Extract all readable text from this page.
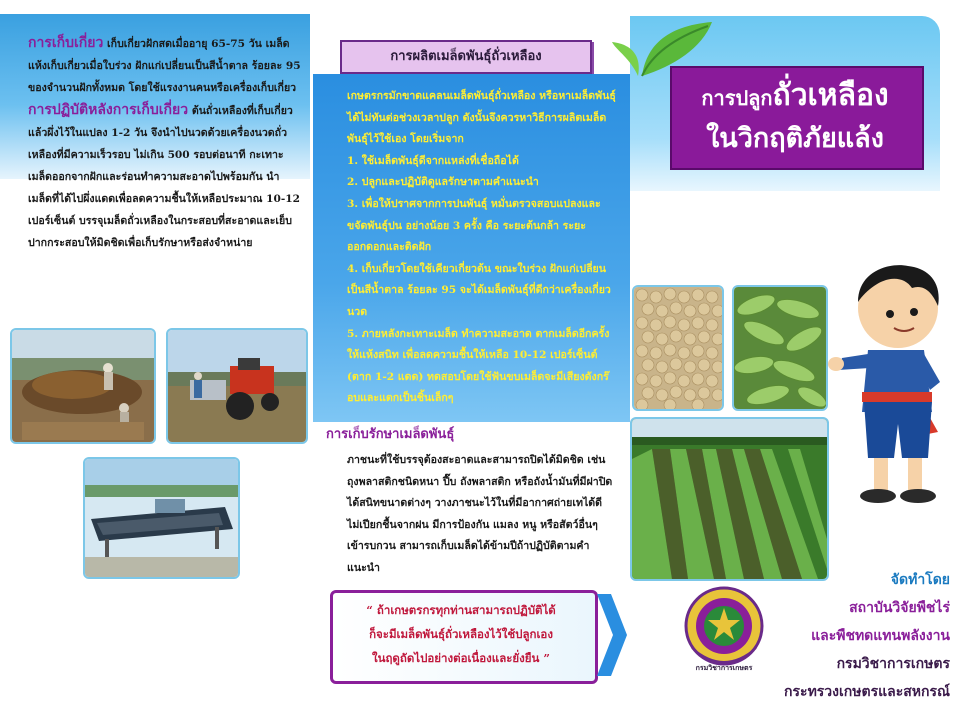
การเก็บเกี่ยว เก็บเกี่ยวฝักสดเมื่ออายุ 65-75 วัน เมล็ดแห้งเก็บเกี่ยวเมื่อใบร่วง ฝักแก่เปลี่ยนเป็นสีน้ำตาล ร้อยละ 95 ของจำนวนฝักทั้งหมด โดยใช้แรงงานคนหรือเครื่องเก็บเกี่ยว

การปฏิบัติหลังการเก็บเกี่ยว ต้นถั่วเหลืองที่เก็บเกี่ยวแล้วผึ่งไว้ในแปลง 1-2 วัน จึงนำไปนวดด้วยเครื่องนวดถั่วเหลืองที่มีความเร็วรอบ ไม่เกิน 500 รอบต่อนาที กะเทาะเมล็ดออกจากฝักและร่อนทำความสะอาดไปพร้อมกัน นำเมล็ดที่ได้ไปผึ่งแดดเพื่อลดความชื้นให้เหลือประมาณ 10-12 เปอร์เซ็นต์ บรรจุเมล็ดถั่วเหลืองในกระสอบที่สะอาดและเย็บปากกระสอบให้มิดชิดเพื่อเก็บรักษาหรือส่งจำหน่าย

การผลิตเมล็ดพันธุ์ถั่วเหลือง

เกษตรกรมักขาดแคลนเมล็ดพันธุ์ถั่วเหลือง หรือหาเมล็ดพันธุ์ได้ไม่ทันต่อช่วงเวลาปลูก ดังนั้นจึงควรหาวิธีการผลิตเมล็ดพันธุ์ไว้ใช้เอง โดยเริ่มจาก

1. ใช้เมล็ดพันธุ์ดีจากแหล่งที่เชื่อถือได้

2. ปลูกและปฏิบัติดูแลรักษาตามคำแนะนำ

3. เพื่อให้ปราศจากการปนพันธุ์ หมั่นตรวจสอบแปลงและขจัดพันธุ์ปน อย่างน้อย 3 ครั้ง คือ ระยะต้นกล้า ระยะออกดอกและติดฝัก

4. เก็บเกี่ยวโดยใช้เคียวเกี่ยวต้น ขณะใบร่วง ฝักแก่เปลี่ยนเป็นสีน้ำตาล ร้อยละ 95 จะได้เมล็ดพันธุ์ที่ดีกว่าเครื่องเกี่ยวนวด

5. ภายหลังกะเทาะเมล็ด ทำความสะอาด ตากเมล็ดอีกครั้งให้แห้งสนิท เพื่อลดความชื้นให้เหลือ 10-12 เปอร์เซ็นต์ (ตาก 1-2 แดด) ทดสอบโดยใช้ฟันขบเมล็ดจะมีเสียงดังกร๊อบและแตกเป็นชิ้นเล็กๆ

การเก็บรักษาเมล็ดพันธุ์

ภาชนะที่ใช้บรรจุต้องสะอาดและสามารถปิดได้มิดชิด เช่น ถุงพลาสติกชนิดหนา ปี๊บ ถังพลาสติก หรือถังน้ำมันที่มีฝาปิดได้สนิทขนาดต่างๆ วางภาชนะไว้ในที่มีอากาศถ่ายเทได้ดี ไม่เปียกชื้นจากฝน มีการป้องกัน แมลง หนู หรือสัตว์อื่นๆ เข้ารบกวน สามารถเก็บเมล็ดได้ข้ามปีถ้าปฏิบัติตามคำแนะนำ

“ ถ้าเกษตรกรทุกท่านสามารถปฏิบัติได้
ก็จะมีเมล็ดพันธุ์ถั่วเหลืองไว้ใช้ปลูกเอง
ในฤดูถัดไปอย่างต่อเนื่องและยั่งยืน ”
การปลูกถั่วเหลือง
ในวิกฤติภัยแล้ง
กรมวิชาการเกษตร
จัดทำโดย
สถาบันวิจัยพืชไร่
และพืชทดแทนพลังงาน
กรมวิชาการเกษตร
กระทรวงเกษตรและสหกรณ์
